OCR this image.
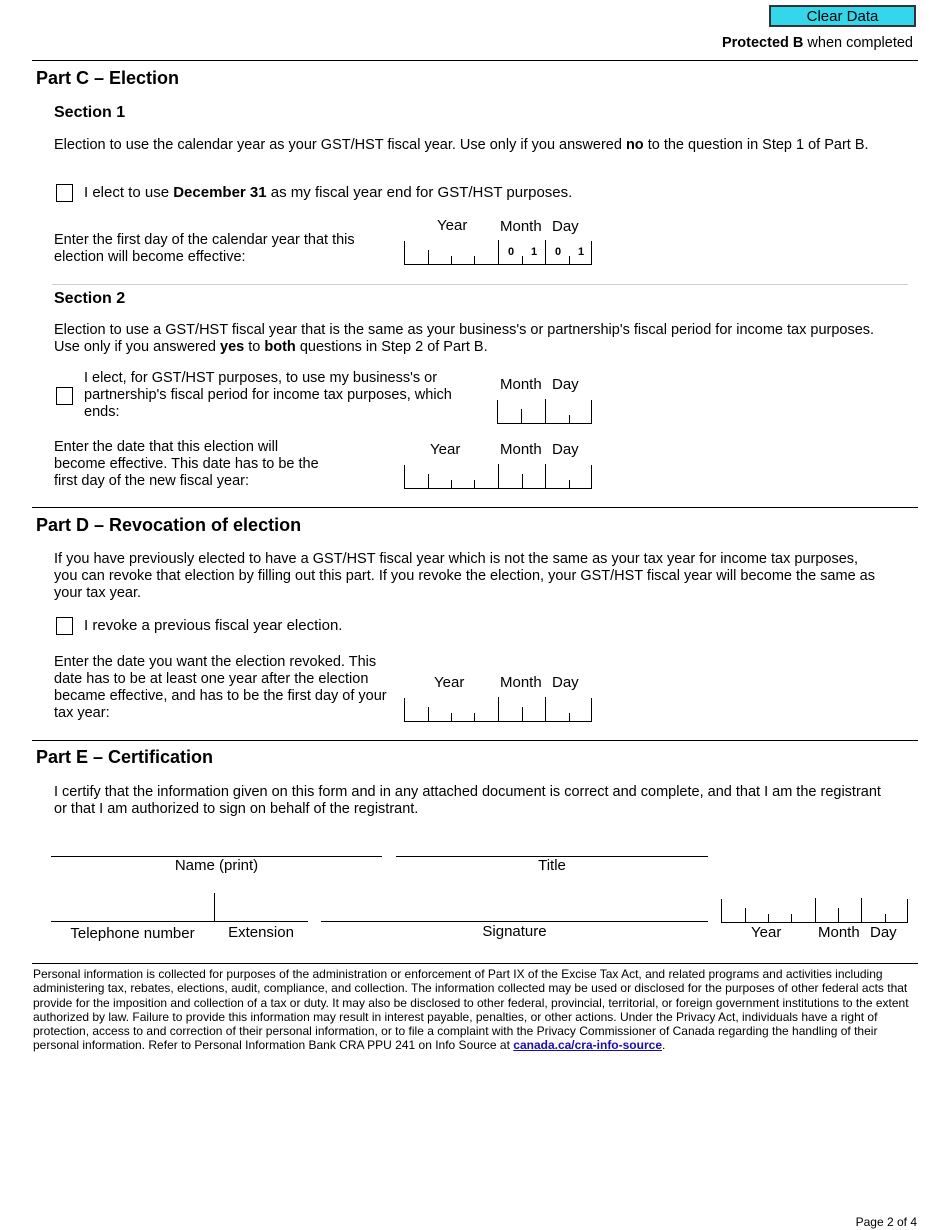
Clear Data
Protected B when completed
Part C – Election
Section 1
Election to use the calendar year as your GST/HST fiscal year. Use only if you answered no to the question in Step 1 of Part B.
I elect to use December 31 as my fiscal year end for GST/HST purposes.
Year Month Day
Enter the first day of the calendar year that this election will become effective:	0	1	0	1
Section 2
Election to use a GST/HST fiscal year that is the same as your business's or partnership's fiscal period for income tax purposes. Use only if you answered yes to both questions in Step 2 of Part B.
I elect, for GST/HST purposes, to use my business's or partnership's fiscal period for income tax purposes, which ends:
Month Day
Year	Month Day
Enter the date that this election will become effective. This date has to be the first day of the new fiscal year:
Part D – Revocation of election
If you have previously elected to have a GST/HST fiscal year which is not the same as your tax year for income tax purposes, you can revoke that election by filling out this part. If you revoke the election, your GST/HST fiscal year will become the same as your tax year.
I revoke a previous fiscal year election.
Enter the date you want the election revoked. This date has to be at least one year after the election became effective, and has to be the first day of your tax year:
Year Month Day
Part E – Certification
I certify that the information given on this form and in any attached document is correct and complete, and that I am the registrant or that I am authorized to sign on behalf of the registrant.
Name (print)	Title
Telephone number	Extension	Signature	Year Month Day
Personal information is collected for purposes of the administration or enforcement of Part IX of the Excise Tax Act, and related programs and activities including administering tax, rebates, elections, audit, compliance, and collection. The information collected may be used or disclosed for the purposes of other federal acts that provide for the imposition and collection of a tax or duty. It may also be disclosed to other federal, provincial, territorial, or foreign government institutions to the extent authorized by law. Failure to provide this information may result in interest payable, penalties, or other actions. Under the Privacy Act, individuals have a right of protection, access to and correction of their personal information, or to file a complaint with the Privacy Commissioner of Canada regarding the handling of their personal information. Refer to Personal Information Bank CRA PPU 241 on Info Source at canada.ca/cra-info-source.
Page 2 of 4
